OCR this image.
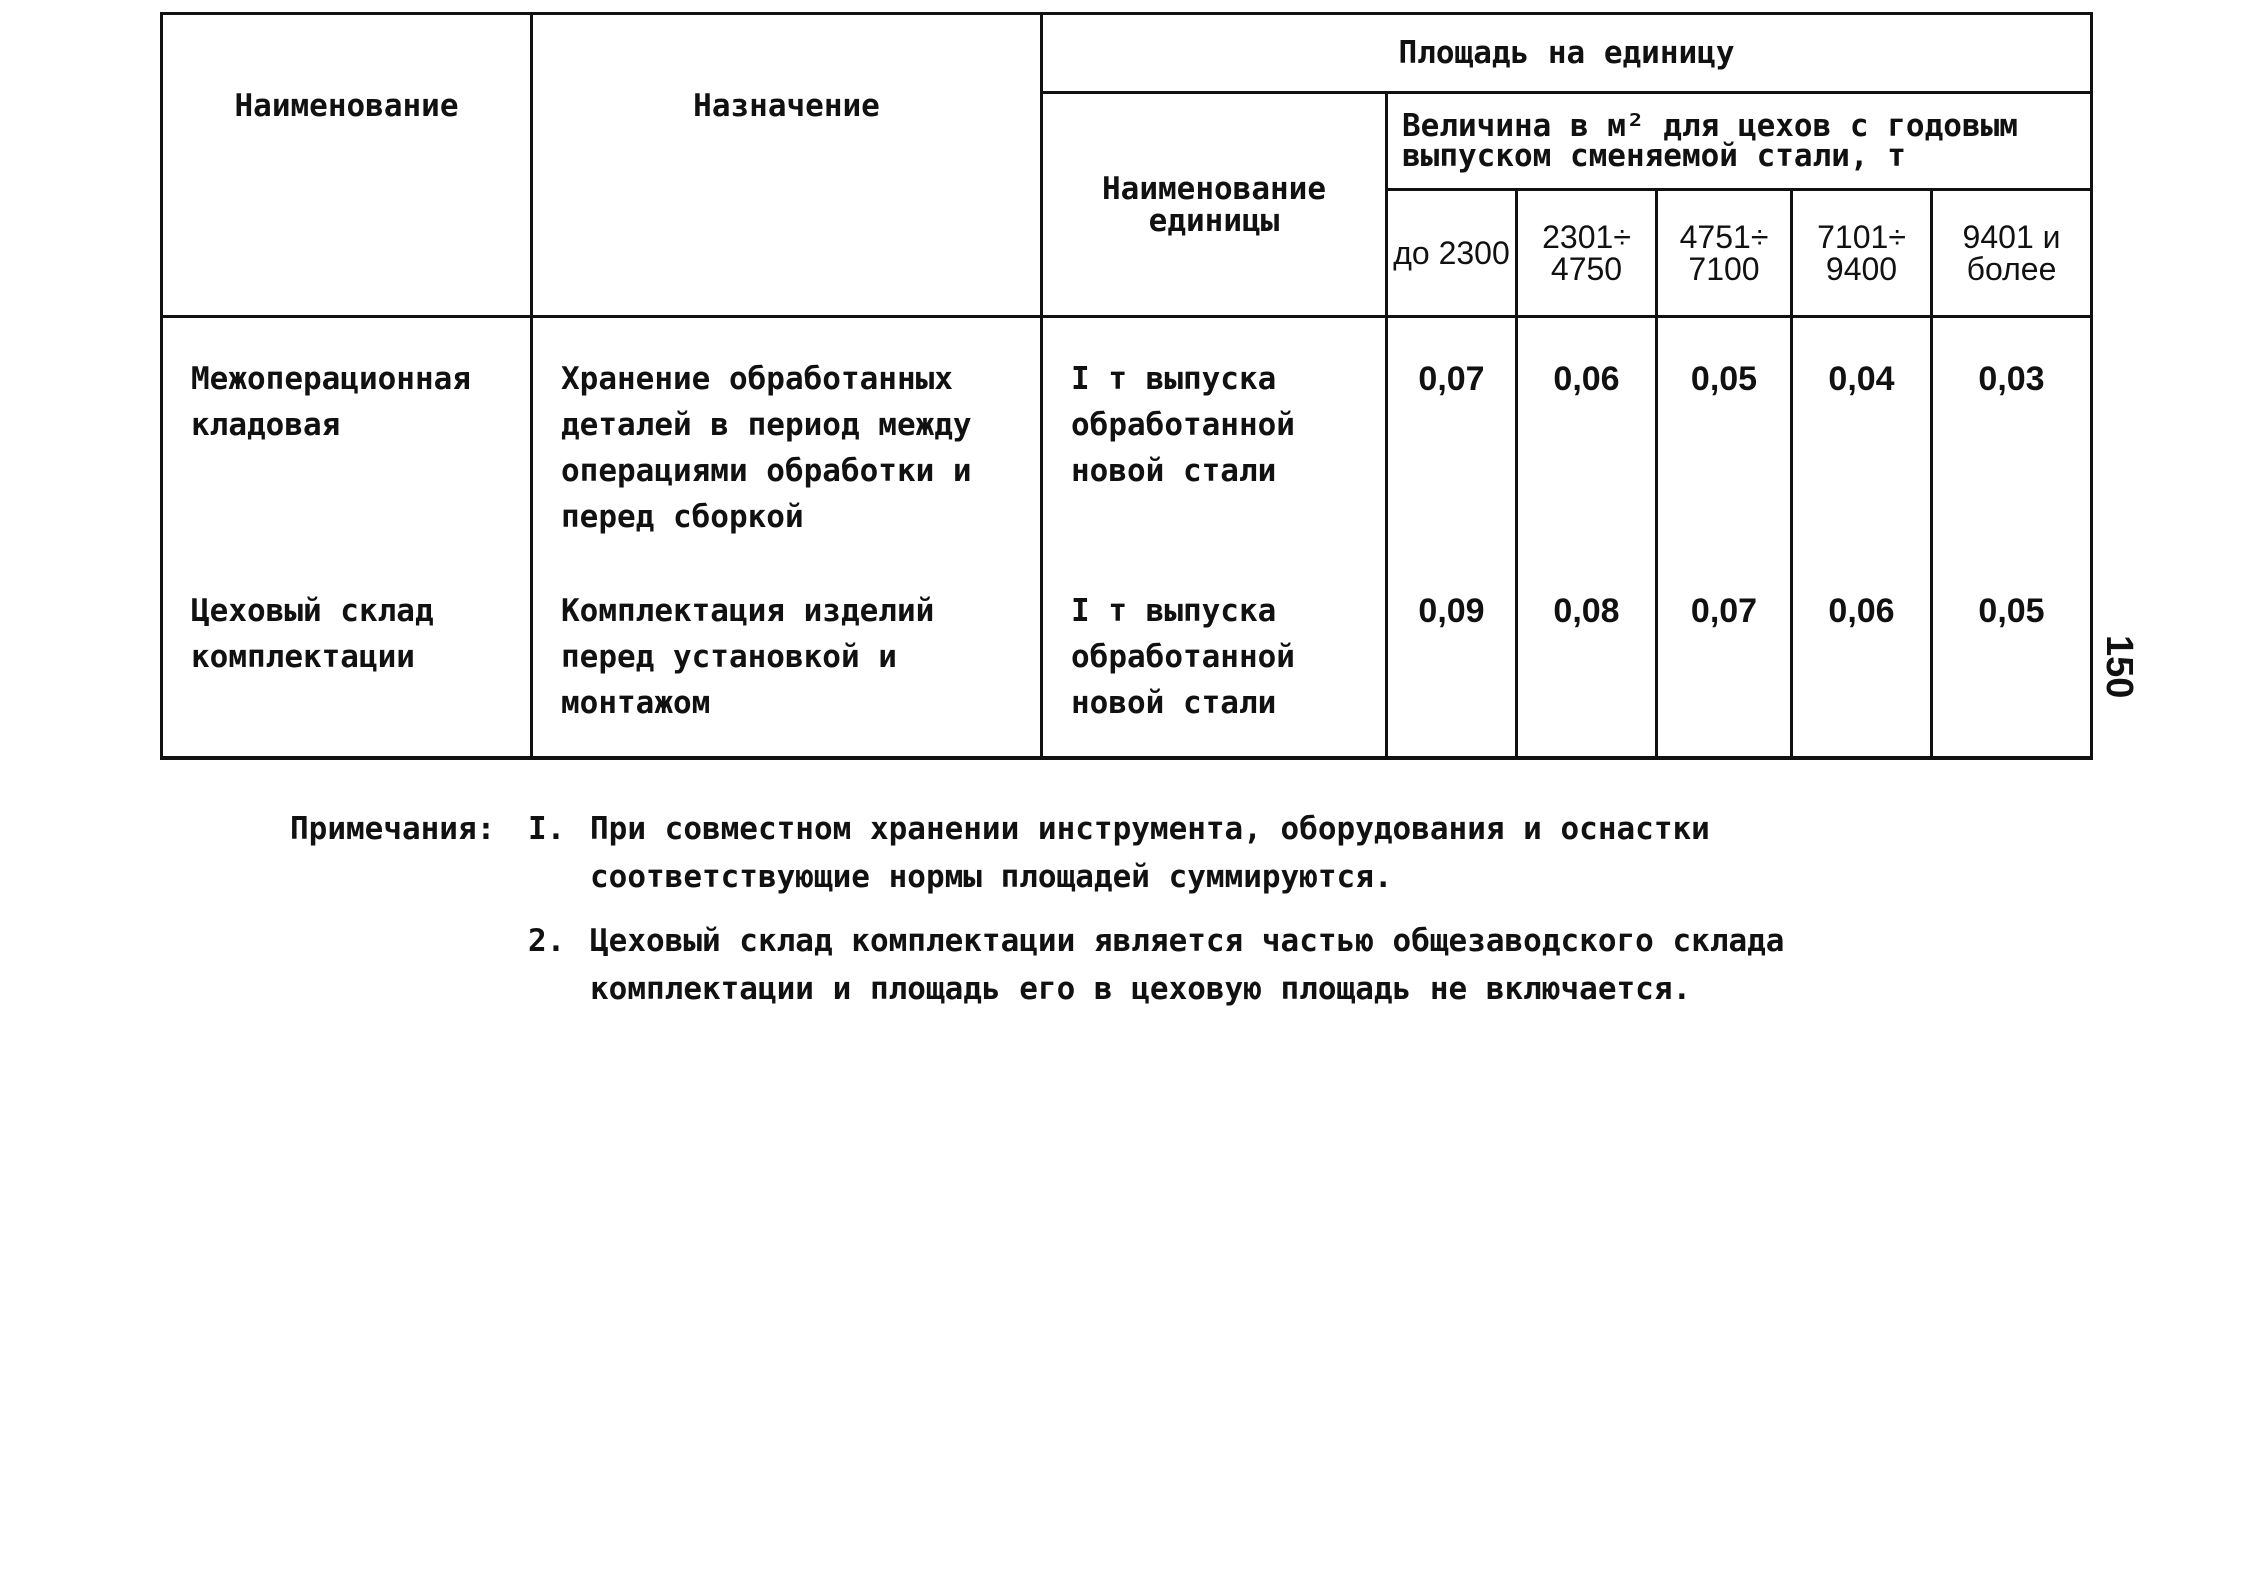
Наименование	Назначение	Площадь на единицу					
		Наименование единицы	Величина в м² для цехов с годовым выпуском сменяемой стали, т				
			до 2300	2301÷ 4750	4751÷ 7100	7101÷ 9400	9401 и более
Межоперационная кладовая	Хранение обработанных деталей в период между операциями обработки и перед сборкой	I т выпуска обработанной новой стали	0,07	0,06	0,05	0,04	0,03
Цеховый склад комплектации	Комплектация изделий перед установкой и монтажом	I т выпуска обработанной новой стали	0,09	0,08	0,07	0,06	0,05
150
Примечания:	I. При совместном хранении инструмента, оборудования и оснастки
соответствующие нормы площадей суммируются.
2. Цеховый склад комплектации является частью общезаводского склада
комплектации и площадь его в цеховую площадь не включается.
